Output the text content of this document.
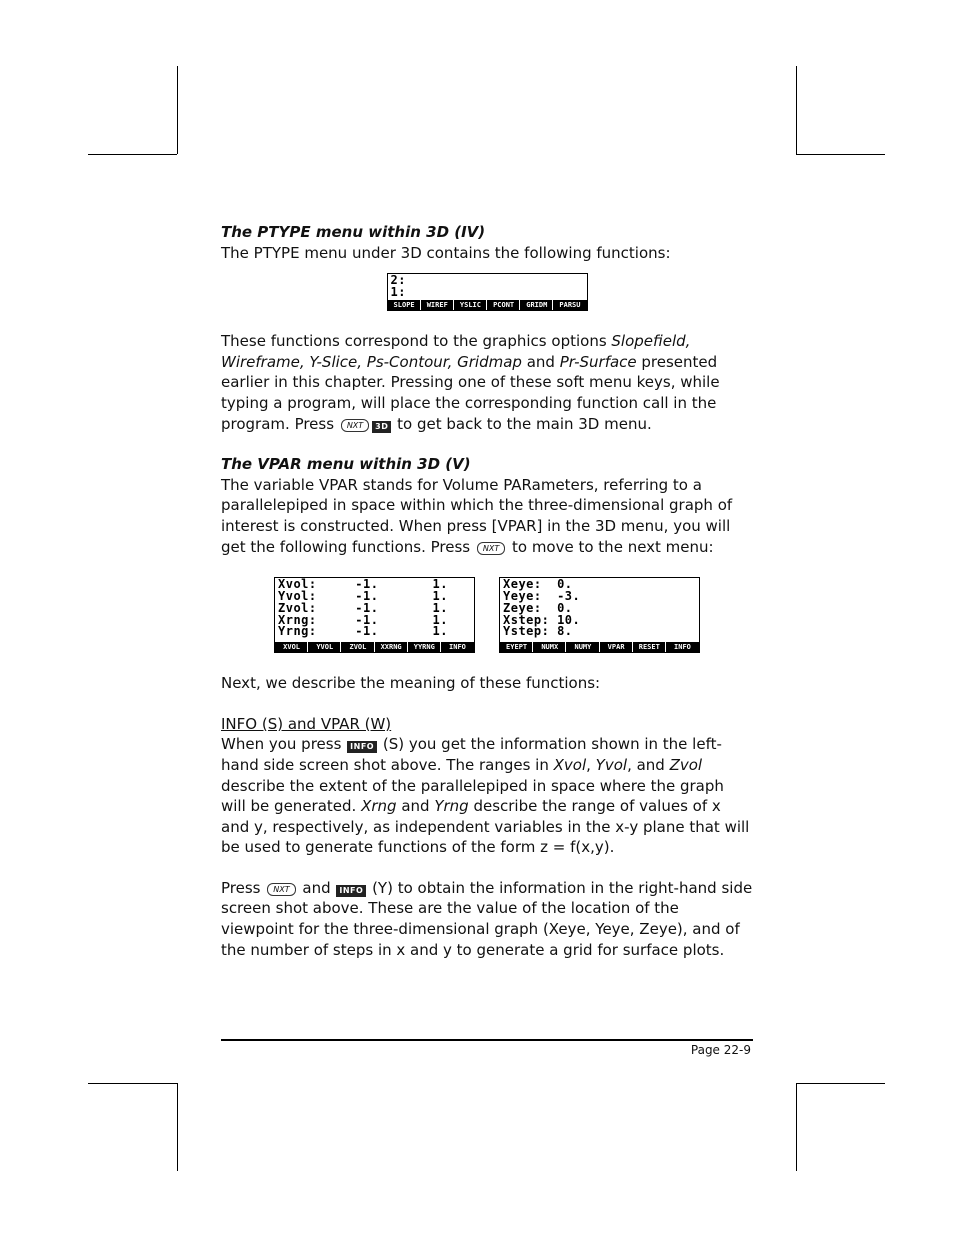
The PTYPE menu within 3D (IV)

The PTYPE menu under 3D contains the following functions:

2:
1:
SLOPE	WIREF	YSLIC	PCONT	GRIDM	PARSU

These functions correspond to the graphics options Slopefield, Wireframe, Y-Slice, Ps-Contour, Gridmap and Pr-Surface presented earlier in this chapter. Pressing one of these soft menu keys, while typing a program, will place the corresponding function call in the program. Press NXT 3D to get back to the main 3D menu.

The VPAR menu within 3D (V)

The variable VPAR stands for Volume PARameters, referring to a parallelepiped in space within which the three-dimensional graph of interest is constructed. When press [VPAR] in the 3D menu, you will get the following functions. Press NXT to move to the next menu:

Xvol:     -1.       1.
Yvol:     -1.       1.
Zvol:     -1.       1.
Xrng:     -1.       1.
Yrng:     -1.       1.
XVOL	YVOL	ZVOL	XXRNG	YYRNG	INFO
Xeye:  0.
Yeye:  -3.
Zeye:  0.
Xstep: 10.
Ystep: 8.
EYEPT	NUMX	NUMY	VPAR	RESET	INFO

Next, we describe the meaning of these functions:

INFO (S) and VPAR (W)

When you press INFO (S) you get the information shown in the left-hand side screen shot above. The ranges in Xvol, Yvol, and Zvol describe the extent of the parallelepiped in space where the graph will be generated. Xrng and Yrng describe the range of values of x and y, respectively, as independent variables in the x-y plane that will be used to generate functions of the form z = f(x,y).

Press NXT and INFO (Y) to obtain the information in the right-hand side screen shot above. These are the value of the location of the viewpoint for the three-dimensional graph (Xeye, Yeye, Zeye), and of the number of steps in x and y to generate a grid for surface plots.

Page 22-9
